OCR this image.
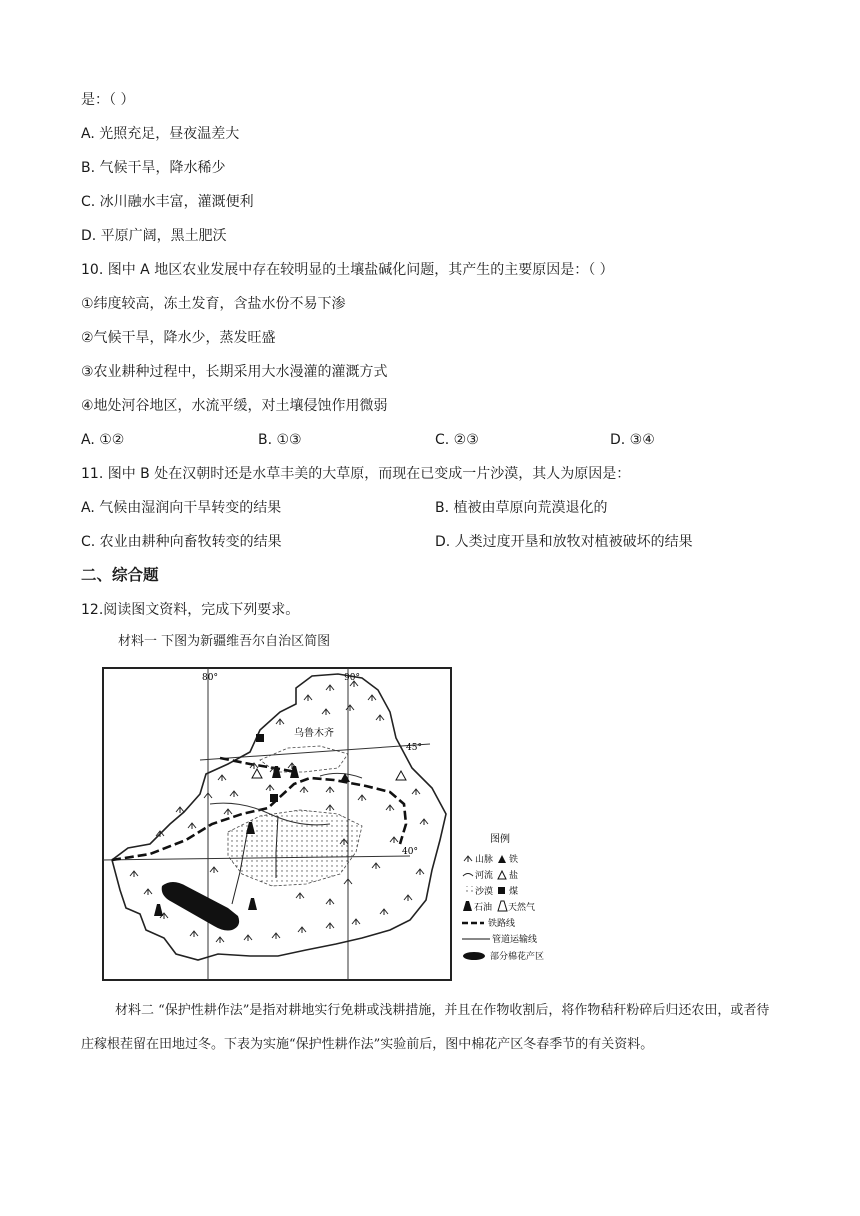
是：（ ）
A. 光照充足，昼夜温差大
B. 气候干旱，降水稀少
C. 冰川融水丰富，灌溉便利
D. 平原广阔，黑土肥沃
10. 图中 A 地区农业发展中存在较明显的土壤盐碱化问题，其产生的主要原因是：（ ）
①纬度较高，冻土发育，含盐水份不易下渗
②气候干旱，降水少，蒸发旺盛
③农业耕种过程中，长期采用大水漫灌的灌溉方式
④地处河谷地区，水流平缓，对土壤侵蚀作用微弱
A. ①②	B. ①③	C. ②③	D. ③④
11. 图中 B 处在汉朝时还是水草丰美的大草原，而现在已变成一片沙漠，其人为原因是：
A. 气候由湿润向干旱转变的结果	B. 植被由草原向荒漠退化的
C. 农业由耕种向畜牧转变的结果	D. 人类过度开垦和放牧对植被破坏的结果
二、综合题
12.阅读图文资料，完成下列要求。
材料一 下图为新疆维吾尔自治区简图
80°	90°
45°
40°
乌鲁木齐
图例
山脉 铁
河流 盐
沙漠 煤
石油 天然气
铁路线
管道运输线
部分棉花产区
材料二 “保护性耕作法”是指对耕地实行免耕或浅耕措施，并且在作物收割后，将作物秸秆粉碎后归还农田，或者待庄稼根茬留在田地过冬。下表为实施“保护性耕作法”实验前后，图中棉花产区冬春季节的有关资料。
